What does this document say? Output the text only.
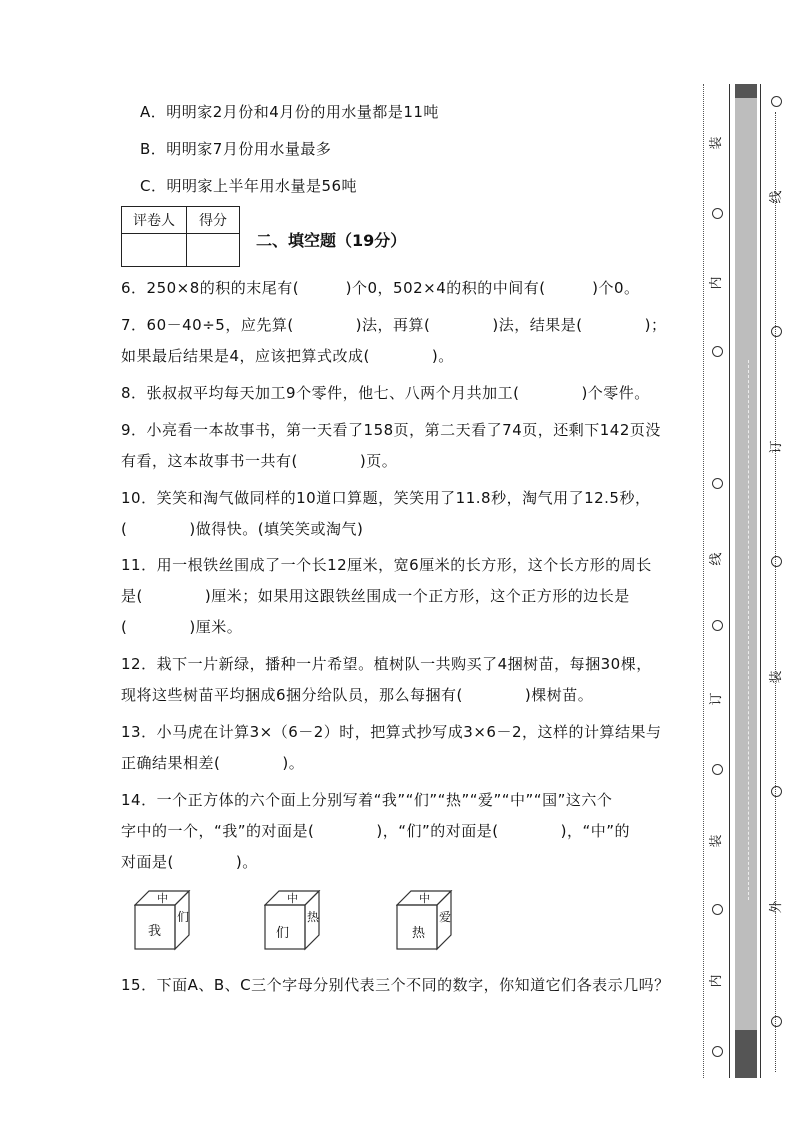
A．明明家2月份和4月份的用水量都是11吨
B．明明家7月份用水量最多
C．明明家上半年用水量是56吨
评卷人	得分

二、填空题（19分）
6．250×8的积的末尾有(　　　)个0，502×4的积的中间有(　　　)个0。
7．60－40÷5，应先算(　　　　)法，再算(　　　　)法，结果是(　　　　)；
如果最后结果是4，应该把算式改成(　　　　)。
8．张叔叔平均每天加工9个零件，他七、八两个月共加工(　　　　)个零件。
9．小亮看一本故事书，第一天看了158页，第二天看了74页，还剩下142页没
有看，这本故事书一共有(　　　　)页。
10．笑笑和淘气做同样的10道口算题，笑笑用了11.8秒，淘气用了12.5秒，
(　　　　)做得快。(填笑笑或淘气)
11．用一根铁丝围成了一个长12厘米，宽6厘米的长方形，这个长方形的周长
是(　　　　)厘米；如果用这跟铁丝围成一个正方形，这个正方形的边长是
(　　　　)厘米。
12．栽下一片新绿，播种一片希望。植树队一共购买了4捆树苗，每捆30棵，
现将这些树苗平均捆成6捆分给队员，那么每捆有(　　　　)棵树苗。
13．小马虎在计算3×（6－2）时，把算式抄写成3×6－2，这样的计算结果与
正确结果相差(　　　　)。
14．一个正方体的六个面上分别写着“我”“们”“热”“爱”“中”“国”这六个
字中的一个，“我”的对面是(　　　　)，“们”的对面是(　　　　)，“中”的
对面是(　　　　)。
中
我
们
中
们
热
中
热
爱
15．下面A、B、C三个字母分别代表三个不同的数字，你知道它们各表示几吗？
装
内
线
订
装
内
线
订
装
外
